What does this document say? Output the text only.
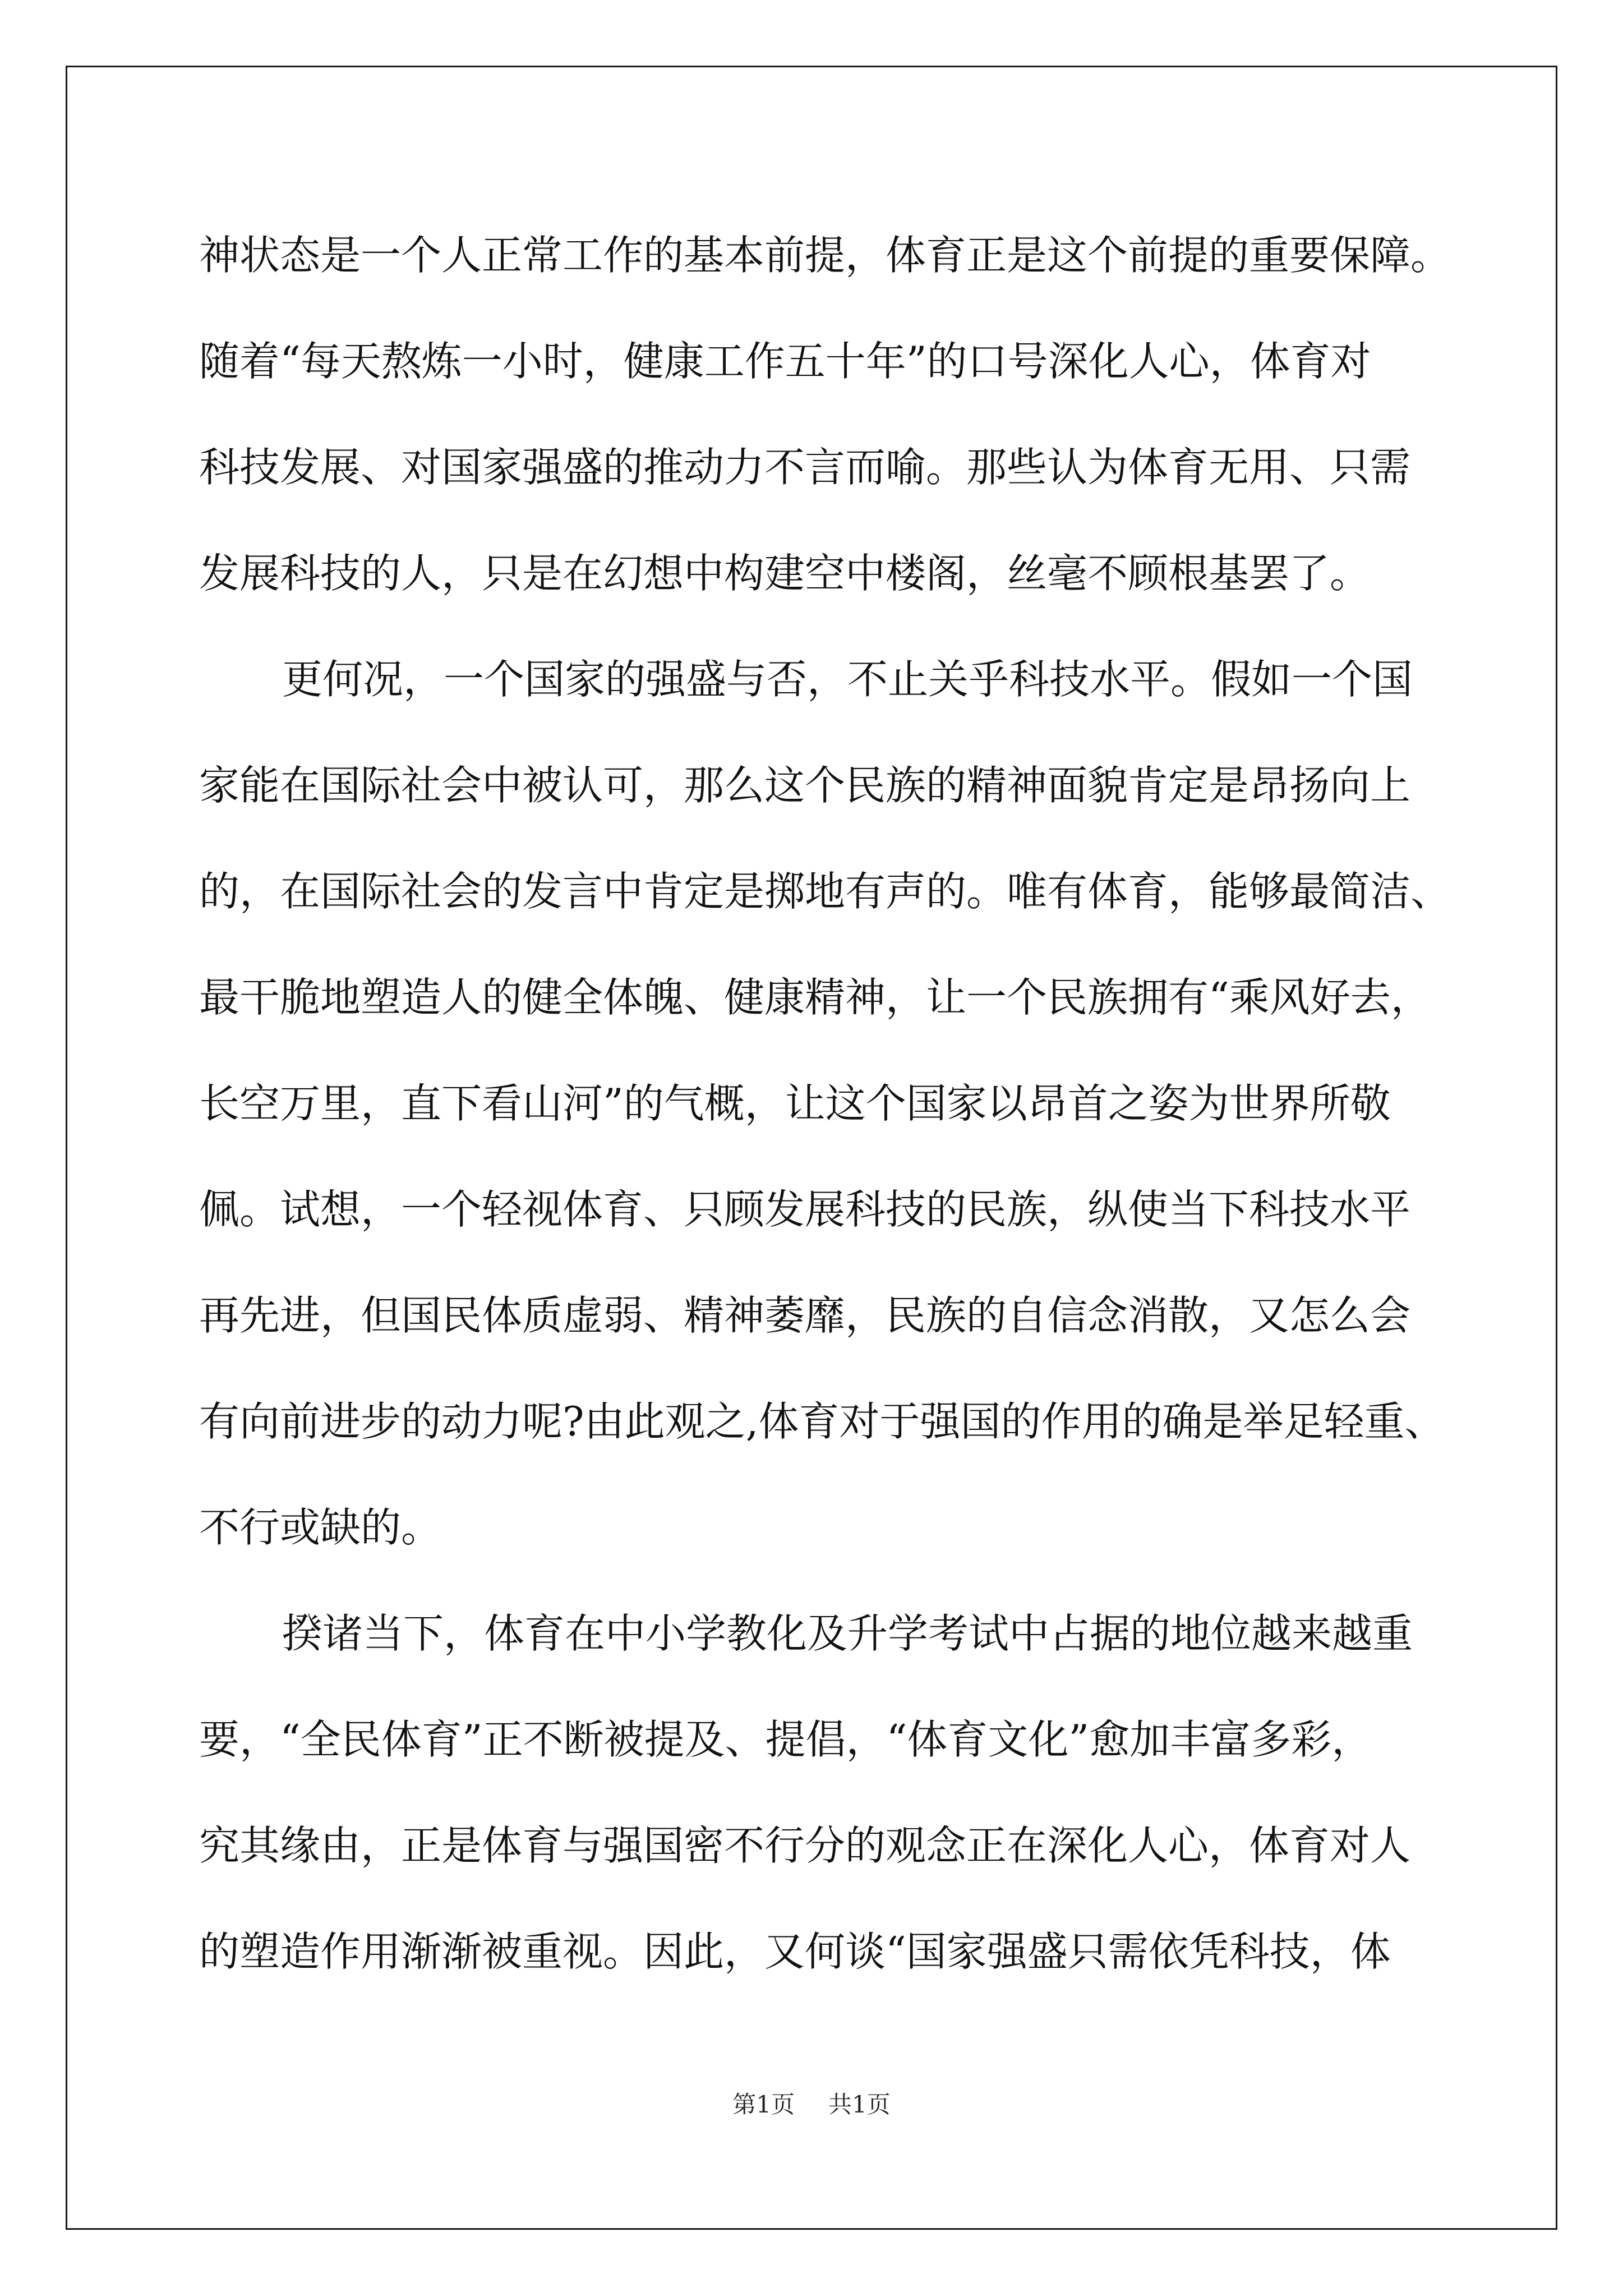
神状态是一个人正常工作的基本前提，体育正是这个前提的重要保障。
随着“每天熬炼一小时，健康工作五十年”的口号深化人心，体育对
科技发展、对国家强盛的推动力不言而喻。那些认为体育无用、只需
发展科技的人，只是在幻想中构建空中楼阁，丝毫不顾根基罢了。
更何况，一个国家的强盛与否，不止关乎科技水平。假如一个国
家能在国际社会中被认可，那么这个民族的精神面貌肯定是昂扬向上
的，在国际社会的发言中肯定是掷地有声的。唯有体育，能够最简洁、
最干脆地塑造人的健全体魄、健康精神，让一个民族拥有“乘风好去，
长空万里，直下看山河”的气概，让这个国家以昂首之姿为世界所敬
佩。试想，一个轻视体育、只顾发展科技的民族，纵使当下科技水平
再先进，但国民体质虚弱、精神萎靡，民族的自信念消散，又怎么会
有向前进步的动力呢?由此观之,体育对于强国的作用的确是举足轻重、
不行或缺的。
揆诸当下，体育在中小学教化及升学考试中占据的地位越来越重
要，“全民体育”正不断被提及、提倡，“体育文化”愈加丰富多彩，
究其缘由，正是体育与强国密不行分的观念正在深化人心，体育对人
的塑造作用渐渐被重视。因此，又何谈“国家强盛只需依凭科技，体
第1页 共1页
